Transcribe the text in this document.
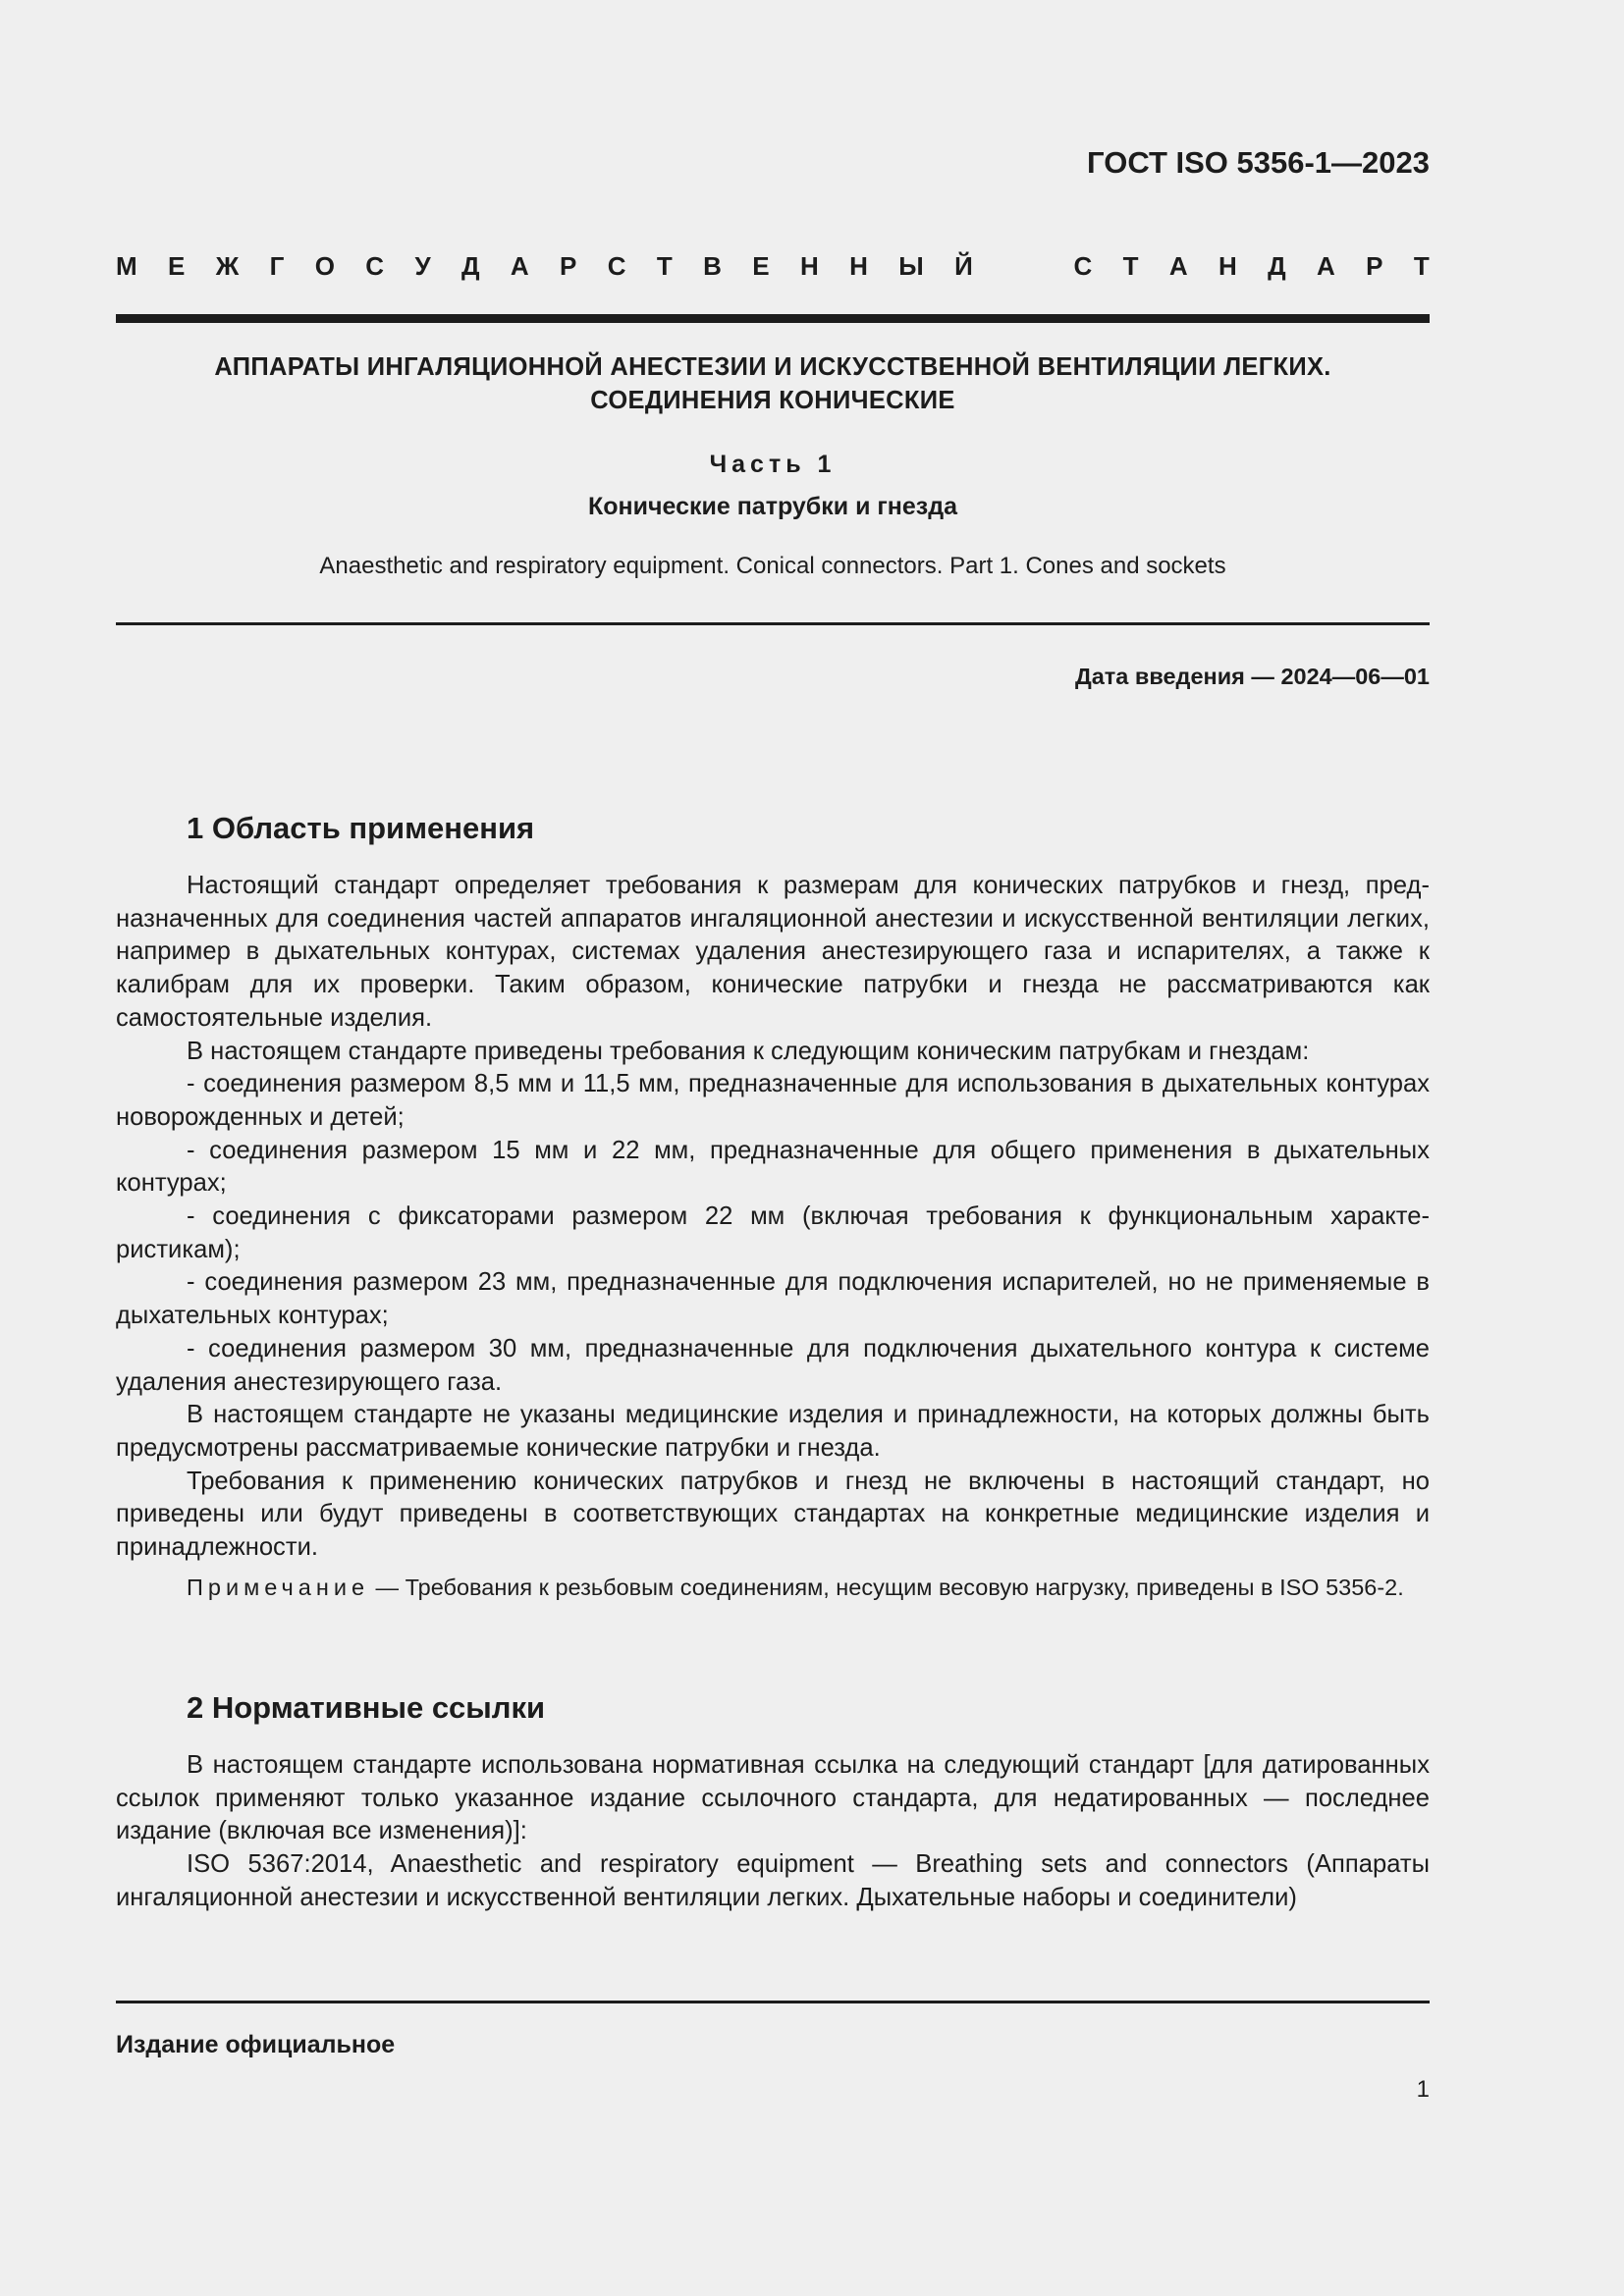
ГОСТ ISO 5356-1—2023
М Е Ж Г О С У Д А Р С Т В Е Н Н Ы Й	С Т А Н Д А Р Т
АППАРАТЫ ИНГАЛЯЦИОННОЙ АНЕСТЕЗИИ И ИСКУССТВЕННОЙ ВЕНТИЛЯЦИИ ЛЕГКИХ.
СОЕДИНЕНИЯ КОНИЧЕСКИЕ
Часть 1
Конические патрубки и гнезда
Anaesthetic and respiratory equipment. Conical connectors. Part 1. Cones and sockets
Дата введения — 2024—06—01
1 Область применения

Настоящий стандарт определяет требования к размерам для конических патрубков и гнезд, предназначенных для соединения частей аппаратов ингаляционной анестезии и искусственной вентиляции легких, например в дыхательных контурах, системах удаления анестезирующего газа и испарителях, а также к калибрам для их проверки. Таким образом, конические патрубки и гнезда не рассматриваются как самостоятельные изделия.

В настоящем стандарте приведены требования к следующим коническим патрубкам и гнездам:

- соединения размером 8,5 мм и 11,5 мм, предназначенные для использования в дыхательных контурах новорожденных и детей;

- соединения размером 15 мм и 22 мм, предназначенные для общего применения в дыхательных контурах;

- соединения с фиксаторами размером 22 мм (включая требования к функциональным характеристикам);

- соединения размером 23 мм, предназначенные для подключения испарителей, но не применяемые в дыхательных контурах;

- соединения размером 30 мм, предназначенные для подключения дыхательного контура к системе удаления анестезирующего газа.

В настоящем стандарте не указаны медицинские изделия и принадлежности, на которых должны быть предусмотрены рассматриваемые конические патрубки и гнезда.

Требования к применению конических патрубков и гнезд не включены в настоящий стандарт, но приведены или будут приведены в соответствующих стандартах на конкретные медицинские изделия и принадлежности.

Примечание — Требования к резьбовым соединениям, несущим весовую нагрузку, приведены в ISO 5356-2.

2 Нормативные ссылки

В настоящем стандарте использована нормативная ссылка на следующий стандарт [для датированных ссылок применяют только указанное издание ссылочного стандарта, для недатированных — последнее издание (включая все изменения)]:

ISO 5367:2014, Anaesthetic and respiratory equipment — Breathing sets and connectors (Аппараты ингаляционной анестезии и искусственной вентиляции легких. Дыхательные наборы и соединители)

Издание официальное
1
